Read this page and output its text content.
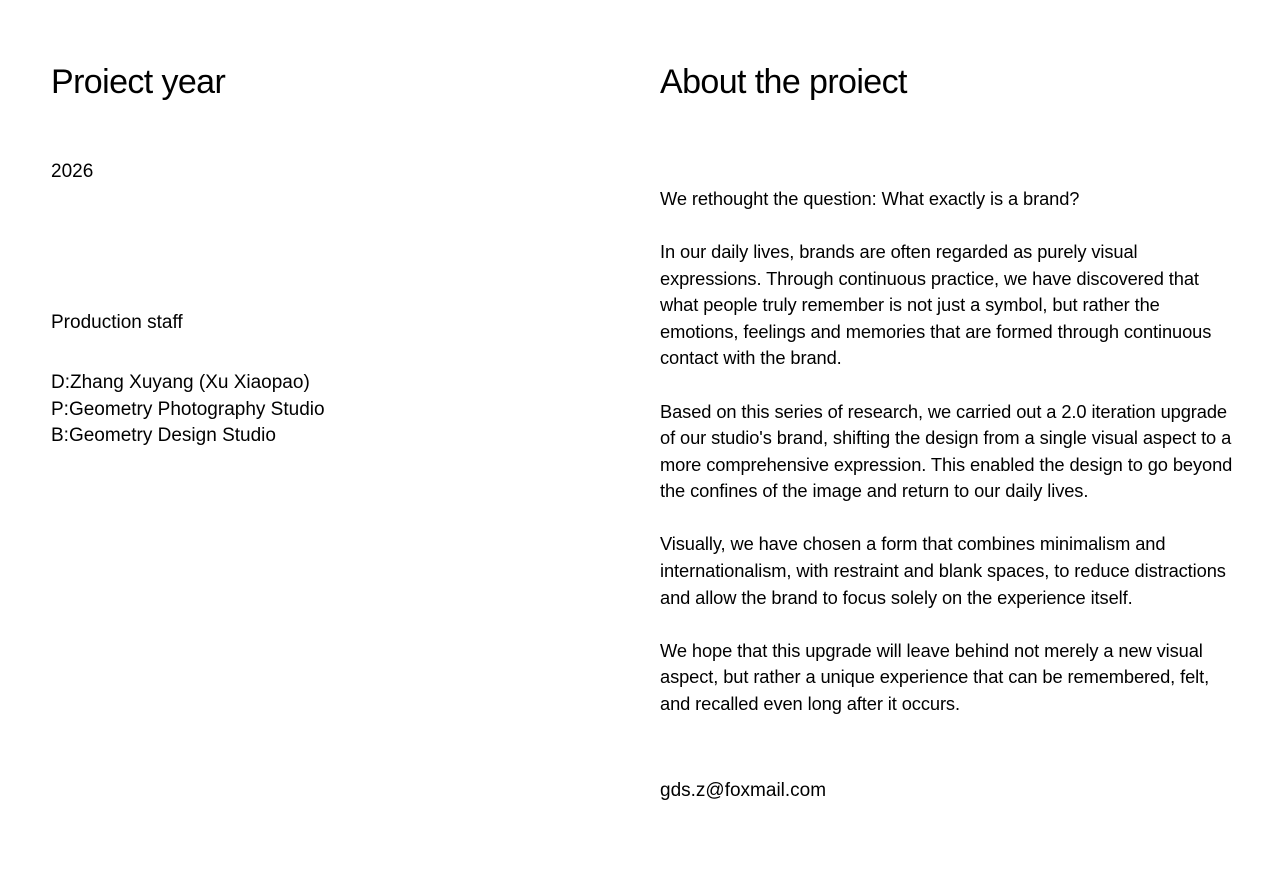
Proiect year
2026
Production staff
D:Zhang Xuyang (Xu Xiaopao)
P:Geometry Photography Studio
B:Geometry Design Studio
About the proiect

We rethought the question: What exactly is a brand?

In our daily lives, brands are often regarded as purely visual expressions. Through continuous practice, we have discovered that what people truly remember is not just a symbol, but rather the emotions, feelings and memories that are formed through continuous contact with the brand.

Based on this series of research, we carried out a 2.0 iteration upgrade of our studio's brand, shifting the design from a single visual aspect to a more comprehensive expression. This enabled the design to go beyond the confines of the image and return to our daily lives.

Visually, we have chosen a form that combines minimalism and internationalism, with restraint and blank spaces, to reduce distractions and allow the brand to focus solely on the experience itself.

We hope that this upgrade will leave behind not merely a new visual aspect, but rather a unique experience that can be remembered, felt, and recalled even long after it occurs.

gds.z@foxmail.com
